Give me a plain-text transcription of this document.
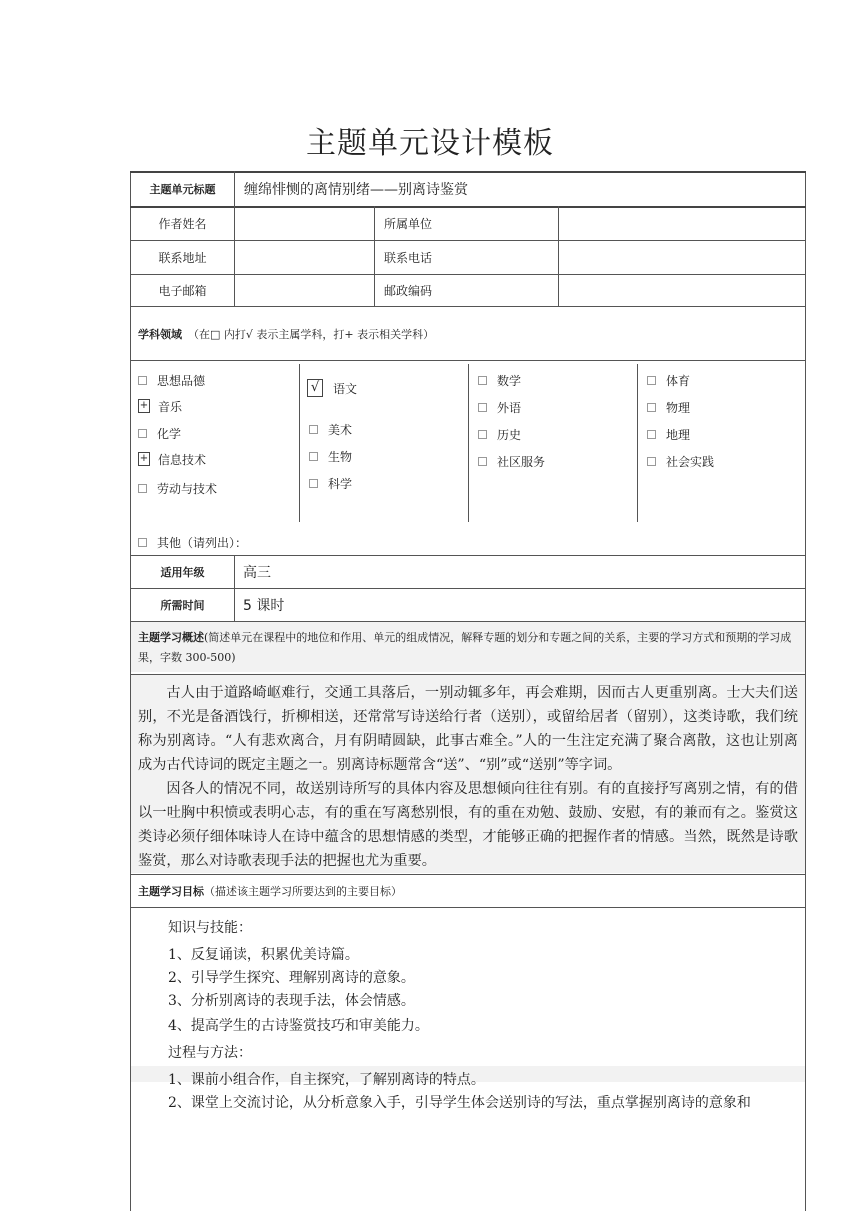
主题单元设计模板
主题单元标题	缠绵悱恻的离情别绪——别离诗鉴赏
作者姓名	所属单位
联系地址	联系电话
电子邮箱	邮政编码
学科领域 （在□ 内打√ 表示主属学科，打+ 表示相关学科）
思想品德
+ 音乐
化学
+ 信息技术
劳动与技术
√	语文
美术
生物
科学
数学
外语
历史
社区服务
体育
物理
地理
社会实践
其他（请列出）：
适用年级	高三
所需时间	5 课时
主题学习概述(简述单元在课程中的地位和作用、单元的组成情况，解释专题的划分和专题之间的关系，主要的学习方式和预期的学习成果，字数 300-500)
古人由于道路崎岖难行，交通工具落后，一别动辄多年，再会难期，因而古人更重别离。士大夫们送别，不光是备酒饯行，折柳相送，还常常写诗送给行者（送别），或留给居者（留别），这类诗歌，我们统称为别离诗。“人有悲欢离合，月有阴晴圆缺，此事古难全。”人的一生注定充满了聚合离散，这也让别离成为古代诗词的既定主题之一。别离诗标题常含“送”、“别”或“送别”等字词。
因各人的情况不同，故送别诗所写的具体内容及思想倾向往往有别。有的直接抒写离别之情，有的借以一吐胸中积愤或表明心志，有的重在写离愁别恨，有的重在劝勉、鼓励、安慰，有的兼而有之。鉴赏这类诗必须仔细体味诗人在诗中蕴含的思想情感的类型，才能够正确的把握作者的情感。当然，既然是诗歌鉴赏，那么对诗歌表现手法的把握也尤为重要。
主题学习目标 （描述该主题学习所要达到的主要目标）
知识与技能：
1、反复诵读，积累优美诗篇。
2、引导学生探究、理解别离诗的意象。
3、分析别离诗的表现手法，体会情感。
4、提高学生的古诗鉴赏技巧和审美能力。
过程与方法：
1、课前小组合作，自主探究，了解别离诗的特点。
2、课堂上交流讨论，从分析意象入手，引导学生体会送别诗的写法，重点掌握别离诗的意象和
